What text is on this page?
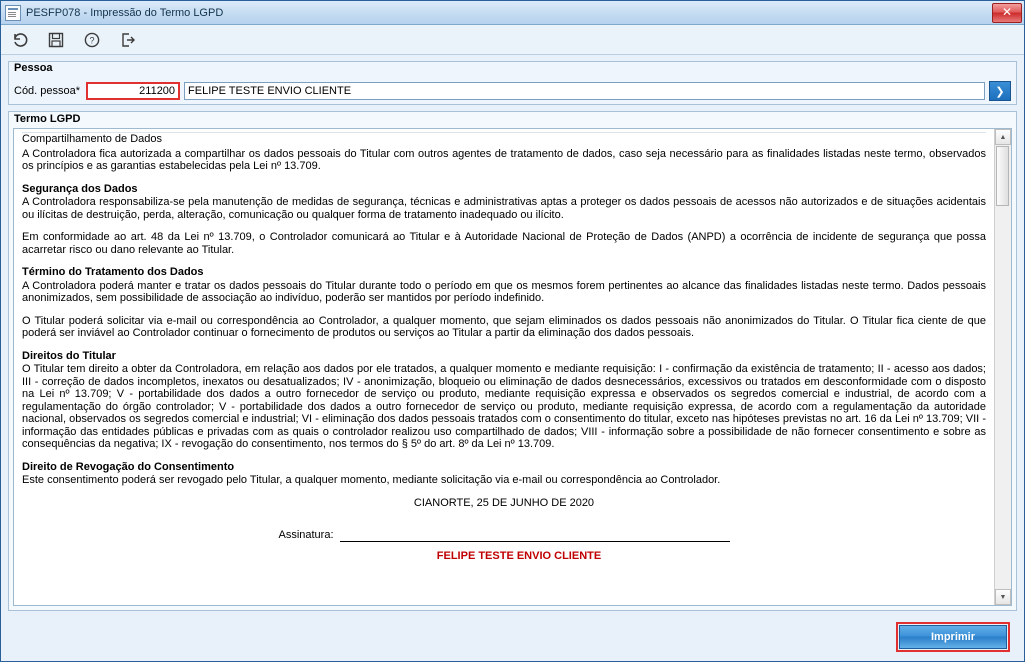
PESFP078 - Impressão do Termo LGPD	✕
?
Pessoa
Cód. pessoa*
211200
FELIPE TESTE ENVIO CLIENTE	❯
Termo LGPD

Compartilhamento de Dados

A Controladora fica autorizada a compartilhar os dados pessoais do Titular com outros agentes de tratamento de dados, caso seja necessário para as finalidades listadas neste termo, observados os princípios e as garantias estabelecidas pela Lei nº 13.709.

Segurança dos Dados

A Controladora responsabiliza-se pela manutenção de medidas de segurança, técnicas e administrativas aptas a proteger os dados pessoais de acessos não autorizados e de situações acidentais ou ilícitas de destruição, perda, alteração, comunicação ou qualquer forma de tratamento inadequado ou ilícito.

Em conformidade ao art. 48 da Lei nº 13.709, o Controlador comunicará ao Titular e à Autoridade Nacional de Proteção de Dados (ANPD) a ocorrência de incidente de segurança que possa acarretar risco ou dano relevante ao Titular.

Término do Tratamento dos Dados

A Controladora poderá manter e tratar os dados pessoais do Titular durante todo o período em que os mesmos forem pertinentes ao alcance das finalidades listadas neste termo. Dados pessoais anonimizados, sem possibilidade de associação ao indivíduo, poderão ser mantidos por período indefinido.

O Titular poderá solicitar via e-mail ou correspondência ao Controlador, a qualquer momento, que sejam eliminados os dados pessoais não anonimizados do Titular. O Titular fica ciente de que poderá ser inviável ao Controlador continuar o fornecimento de produtos ou serviços ao Titular a partir da eliminação dos dados pessoais.

Direitos do Titular

O Titular tem direito a obter da Controladora, em relação aos dados por ele tratados, a qualquer momento e mediante requisição: I - confirmação da existência de tratamento; II - acesso aos dados; III - correção de dados incompletos, inexatos ou desatualizados; IV - anonimização, bloqueio ou eliminação de dados desnecessários, excessivos ou tratados em desconformidade com o disposto na Lei nº 13.709; V - portabilidade dos dados a outro fornecedor de serviço ou produto, mediante requisição expressa e observados os segredos comercial e industrial, de acordo com a regulamentação do órgão controlador; V - portabilidade dos dados a outro fornecedor de serviço ou produto, mediante requisição expressa, de acordo com a regulamentação da autoridade nacional, observados os segredos comercial e industrial; VI - eliminação dos dados pessoais tratados com o consentimento do titular, exceto nas hipóteses previstas no art. 16 da Lei nº 13.709; VII - informação das entidades públicas e privadas com as quais o controlador realizou uso compartilhado de dados; VIII - informação sobre a possibilidade de não fornecer consentimento e sobre as consequências da negativa; IX - revogação do consentimento, nos termos do § 5º do art. 8º da Lei nº 13.709.

Direito de Revogação do Consentimento

Este consentimento poderá ser revogado pelo Titular, a qualquer momento, mediante solicitação via e-mail ou correspondência ao Controlador.

CIANORTE, 25 DE JUNHO DE 2020

Assinatura:
FELIPE TESTE ENVIO CLIENTE
▲
▼
Imprimir
